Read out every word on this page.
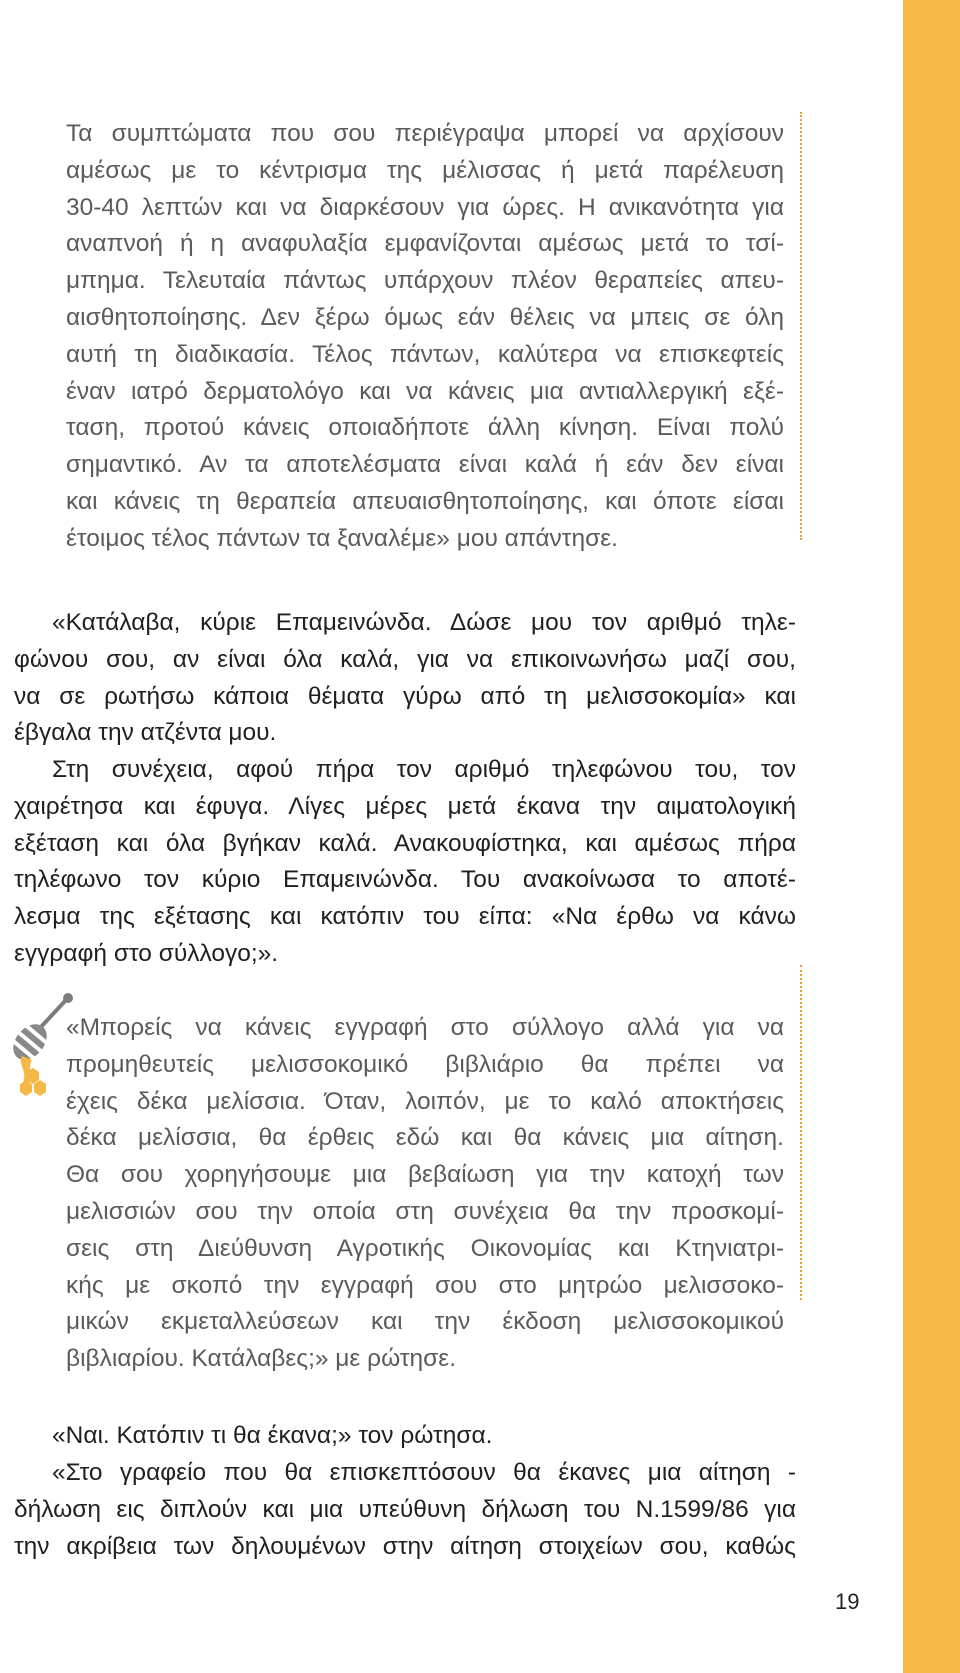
Τα συμπτώματα που σου περιέγραψα μπορεί να αρχίσουν
αμέσως με το κέντρισμα της μέλισσας ή μετά παρέλευση
30-40 λεπτών και να διαρκέσουν για ώρες. Η ανικανότητα για
αναπνοή ή η αναφυλαξία εμφανίζονται αμέσως μετά το τσί-
μπημα. Τελευταία πάντως υπάρχουν πλέον θεραπείες απευ-
αισθητοποίησης. Δεν ξέρω όμως εάν θέλεις να μπεις σε όλη
αυτή τη διαδικασία. Τέλος πάντων, καλύτερα να επισκεφτείς
έναν ιατρό δερματολόγο και να κάνεις μια αντιαλλεργική εξέ-
ταση, προτού κάνεις οποιαδήποτε άλλη κίνηση. Είναι πολύ
σημαντικό. Αν τα αποτελέσματα είναι καλά ή εάν δεν είναι
και κάνεις τη θεραπεία απευαισθητοποίησης, και όποτε είσαι
έτοιμος τέλος πάντων τα ξαναλέμε» μου απάντησε.
«Κατάλαβα, κύριε Επαμεινώνδα. Δώσε μου τον αριθμό τηλε-
φώνου σου, αν είναι όλα καλά, για να επικοινωνήσω μαζί σου,
να σε ρωτήσω κάποια θέματα γύρω από τη μελισσοκομία» και
έβγαλα την ατζέντα μου.
Στη συνέχεια, αφού πήρα τον αριθμό τηλεφώνου του, τον
χαιρέτησα και έφυγα. Λίγες μέρες μετά έκανα την αιματολογική
εξέταση και όλα βγήκαν καλά. Ανακουφίστηκα, και αμέσως πήρα
τηλέφωνο τον κύριο Επαμεινώνδα. Του ανακοίνωσα το αποτέ-
λεσμα της εξέτασης και κατόπιν του είπα: «Να έρθω να κάνω
εγγραφή στο σύλλογο;».
«Μπορείς να κάνεις εγγραφή στο σύλλογο αλλά για να
προμηθευτείς μελισσοκομικό βιβλιάριο θα πρέπει να
έχεις δέκα μελίσσια. Όταν, λοιπόν, με το καλό αποκτήσεις
δέκα μελίσσια, θα έρθεις εδώ και θα κάνεις μια αίτηση.
Θα σου χορηγήσουμε μια βεβαίωση για την κατοχή των
μελισσιών σου την οποία στη συνέχεια θα την προσκομί-
σεις στη Διεύθυνση Αγροτικής Οικονομίας και Κτηνιατρι-
κής με σκοπό την εγγραφή σου στο μητρώο μελισσοκο-
μικών εκμεταλλεύσεων και την έκδοση μελισσοκομικού
βιβλιαρίου. Κατάλαβες;» με ρώτησε.
«Ναι. Κατόπιν τι θα έκανα;» τον ρώτησα.
«Στο γραφείο που θα επισκεπτόσουν θα έκανες μια αίτηση -
δήλωση εις διπλούν και μια υπεύθυνη δήλωση του Ν.1599/86 για
την ακρίβεια των δηλουμένων στην αίτηση στοιχείων σου, καθώς
19
